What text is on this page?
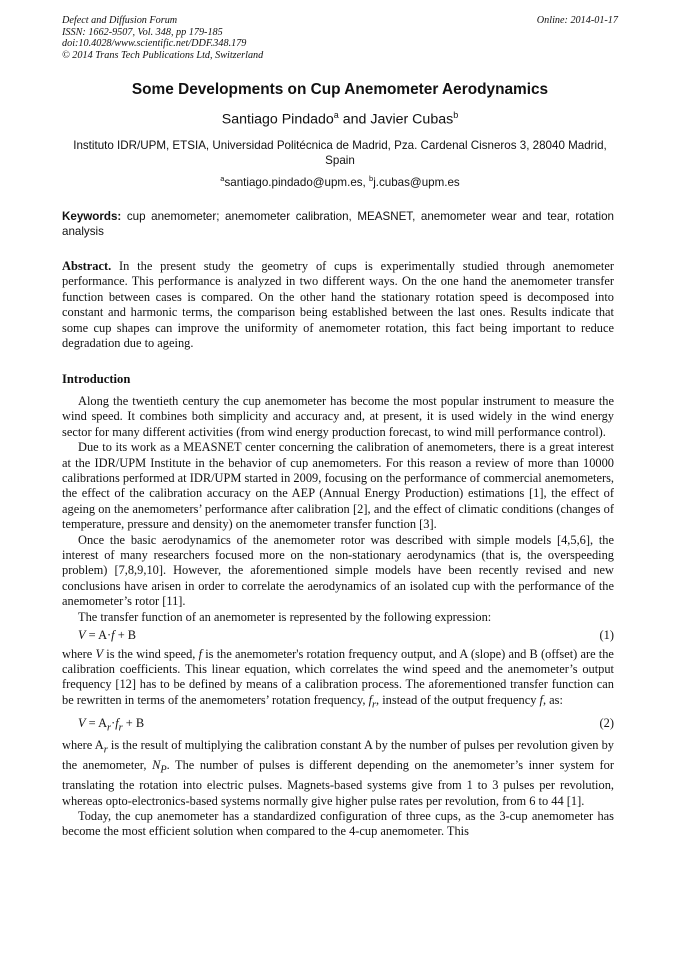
Defect and Diffusion Forum
ISSN: 1662-9507, Vol. 348, pp 179-185
doi:10.4028/www.scientific.net/DDF.348.179
© 2014 Trans Tech Publications Ltd, Switzerland
Online: 2014-01-17
Some Developments on Cup Anemometer Aerodynamics
Santiago Pindado$^a$ and Javier Cubas$^b$
Instituto IDR/UPM, ETSIA, Universidad Politécnica de Madrid, Pza. Cardenal Cisneros 3, 28040 Madrid, Spain
$^a$santiago.pindado@upm.es, $^b$j.cubas@upm.es
Keywords: cup anemometer; anemometer calibration, MEASNET, anemometer wear and tear, rotation analysis
Abstract. In the present study the geometry of cups is experimentally studied through anemometer performance. This performance is analyzed in two different ways. On the one hand the anemometer transfer function between cases is compared. On the other hand the stationary rotation speed is decomposed into constant and harmonic terms, the comparison being established between the last ones. Results indicate that some cup shapes can improve the uniformity of anemometer rotation, this fact being important to reduce degradation due to ageing.
Introduction

Along the twentieth century the cup anemometer has become the most popular instrument to measure the wind speed. It combines both simplicity and accuracy and, at present, it is used widely in the wind energy sector for many different activities (from wind energy production forecast, to wind mill performance control).

Due to its work as a MEASNET center concerning the calibration of anemometers, there is a great interest at the IDR/UPM Institute in the behavior of cup anemometers. For this reason a review of more than 10000 calibrations performed at IDR/UPM started in 2009, focusing on the performance of commercial anemometers, the effect of the calibration accuracy on the AEP (Annual Energy Production) estimations [1], the effect of ageing on the anemometers’ performance after calibration [2], and the effect of climatic conditions (changes of temperature, pressure and density) on the anemometer transfer function [3].

Once the basic aerodynamics of the anemometer rotor was described with simple models [4,5,6], the interest of many researchers focused more on the non-stationary aerodynamics (that is, the overspeeding problem) [7,8,9,10]. However, the aforementioned simple models have been recently revised and new conclusions have arisen in order to correlate the aerodynamics of an isolated cup with the performance of the anemometer’s rotor [11].

The transfer function of an anemometer is represented by the following expression:

V = A·f + B	(1)

where V is the wind speed, f is the anemometer's rotation frequency output, and A (slope) and B (offset) are the calibration coefficients. This linear equation, which correlates the wind speed and the anemometer’s output frequency [12] has to be defined by means of a calibration process. The aforementioned transfer function can be rewritten in terms of the anemometers’ rotation frequency, $f_r$, instead of the output frequency f, as:

$V = A_r\cdot f_r + B$	(2)

where $A_r$ is the result of multiplying the calibration constant A by the number of pulses per revolution given by the anemometer, $N_P$. The number of pulses is different depending on the anemometer’s inner system for translating the rotation into electric pulses. Magnets-based systems give from 1 to 3 pulses per revolution, whereas opto-electronics-based systems normally give higher pulse rates per revolution, from 6 to 44 [1].

Today, the cup anemometer has a standardized configuration of three cups, as the 3-cup anemometer has become the most efficient solution when compared to the 4-cup anemometer. This
